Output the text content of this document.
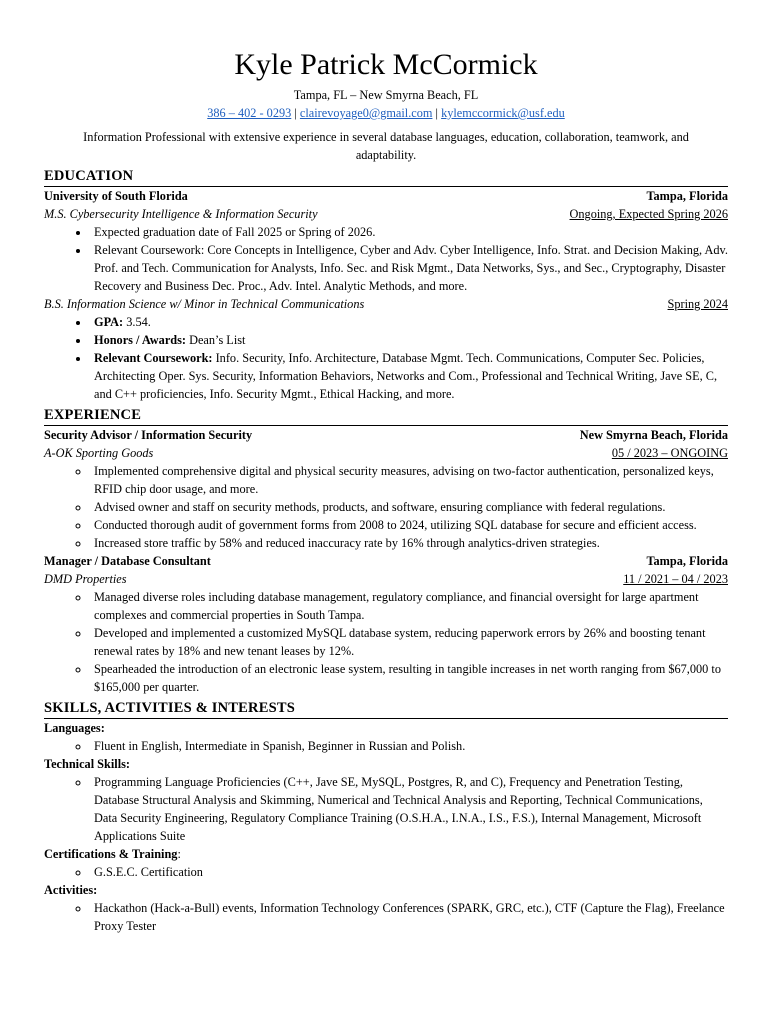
Kyle Patrick McCormick
Tampa, FL – New Smyrna Beach, FL
386 – 402 - 0293 | clairevoyage0@gmail.com | kylemccormick@usf.edu
Information Professional with extensive experience in several database languages, education, collaboration, teamwork, and adaptability.
EDUCATION
University of South Florida	Tampa, Florida
M.S. Cybersecurity Intelligence & Information Security	Ongoing, Expected Spring 2026
• Expected graduation date of Fall 2025 or Spring of 2026.
• Relevant Coursework: Core Concepts in Intelligence, Cyber and Adv. Cyber Intelligence, Info. Strat. and Decision Making, Adv. Prof. and Tech. Communication for Analysts, Info. Sec. and Risk Mgmt., Data Networks, Sys., and Sec., Cryptography, Disaster Recovery and Business Dec. Proc., Adv. Intel. Analytic Methods, and more.
B.S. Information Science w/ Minor in Technical Communications	Spring 2024
• GPA: 3.54.
• Honors / Awards: Dean’s List
• Relevant Coursework: Info. Security, Info. Architecture, Database Mgmt. Tech. Communications, Computer Sec. Policies, Architecting Oper. Sys. Security, Information Behaviors, Networks and Com., Professional and Technical Writing, Jave SE, C, and C++ proficiencies, Info. Security Mgmt., Ethical Hacking, and more.
EXPERIENCE
Security Advisor / Information Security	New Smyrna Beach, Florida
A-OK Sporting Goods	05 / 2023 – ONGOING
◦ Implemented comprehensive digital and physical security measures, advising on two-factor authentication, personalized keys, RFID chip door usage, and more.
◦ Advised owner and staff on security methods, products, and software, ensuring compliance with federal regulations.
◦ Conducted thorough audit of government forms from 2008 to 2024, utilizing SQL database for secure and efficient access.
◦ Increased store traffic by 58% and reduced inaccuracy rate by 16% through analytics-driven strategies.
Manager / Database Consultant	Tampa, Florida
DMD Properties	11 / 2021 – 04 / 2023
◦ Managed diverse roles including database management, regulatory compliance, and financial oversight for large apartment complexes and commercial properties in South Tampa.
◦ Developed and implemented a customized MySQL database system, reducing paperwork errors by 26% and boosting tenant renewal rates by 18% and new tenant leases by 12%.
◦ Spearheaded the introduction of an electronic lease system, resulting in tangible increases in net worth ranging from $67,000 to $165,000 per quarter.
SKILLS, ACTIVITIES & INTERESTS
Languages:
◦ Fluent in English, Intermediate in Spanish, Beginner in Russian and Polish.
Technical Skills:
◦ Programming Language Proficiencies (C++, Jave SE, MySQL, Postgres, R, and C), Frequency and Penetration Testing, Database Structural Analysis and Skimming, Numerical and Technical Analysis and Reporting, Technical Communications, Data Security Engineering, Regulatory Compliance Training (O.S.H.A., I.N.A., I.S., F.S.), Internal Management, Microsoft Applications Suite
Certifications & Training:
◦ G.S.E.C. Certification
Activities:
◦ Hackathon (Hack-a-Bull) events, Information Technology Conferences (SPARK, GRC, etc.), CTF (Capture the Flag), Freelance Proxy Tester
